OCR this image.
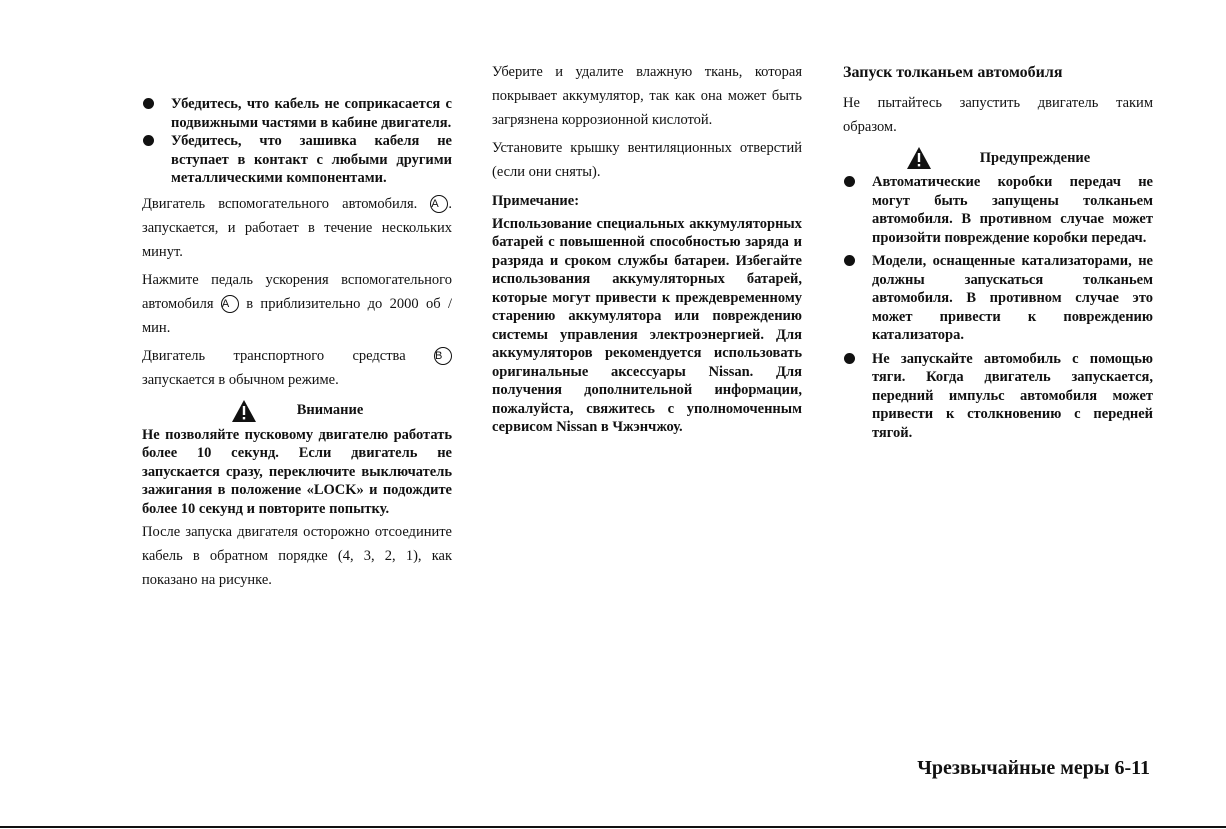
Убедитесь, что кабель не соприкасается с подвижными частями в кабине двигателя.
Убедитесь, что зашивка кабеля не вступает в контакт с любыми другими металлическими компонентами.

Двигатель вспомогательного автомобиля. A . запускается, и работает в течение нескольких минут.

Нажмите педаль ускорения вспомогательного автомобиля A в приблизительно до 2000 об / мин.

Двигатель транспортного средства	B запускается в обычном режиме.

Внимание

Не позволяйте пусковому двигателю работать более 10 секунд. Если двигатель не запускается сразу, переключите выключатель зажигания в положение «LOCK» и подождите более 10 секунд и повторите попытку.

После запуска двигателя осторожно отсоедините кабель в обратном порядке (4, 3, 2, 1), как показано на рисунке.

Уберите и удалите влажную ткань, которая покрывает аккумулятор, так как она может быть загрязнена коррозионной кислотой.

Установите крышку вентиляционных отверстий (если они сняты).

Примечание:

Использование специальных аккумуляторных батарей с повышенной способностью заряда и разряда и сроком службы батареи. Избегайте использования аккумуляторных батарей, которые могут привести к преждевременному старению аккумулятора или повреждению системы управления электроэнергией. Для аккумуляторов рекомендуется использовать оригинальные аксессуары Nissan. Для получения дополнительной информации, пожалуйста, свяжитесь с уполномоченным сервисом Nissan в Чжэнчжоу.

Запуск толканьем автомобиля

Не пытайтесь запустить двигатель таким образом.

Предупреждение
Автоматические коробки передач не могут быть запущены толканьем автомобиля. В противном случае может произойти повреждение коробки передач.
Модели, оснащенные катализаторами, не должны запускаться толканьем автомобиля. В противном случае это может привести к повреждению катализатора.
Не запускайте автомобиль с помощью тяги. Когда двигатель запускается, передний импульс автомобиля может привести к столкновению с передней тягой.
Чрезвычайные меры 6-11
